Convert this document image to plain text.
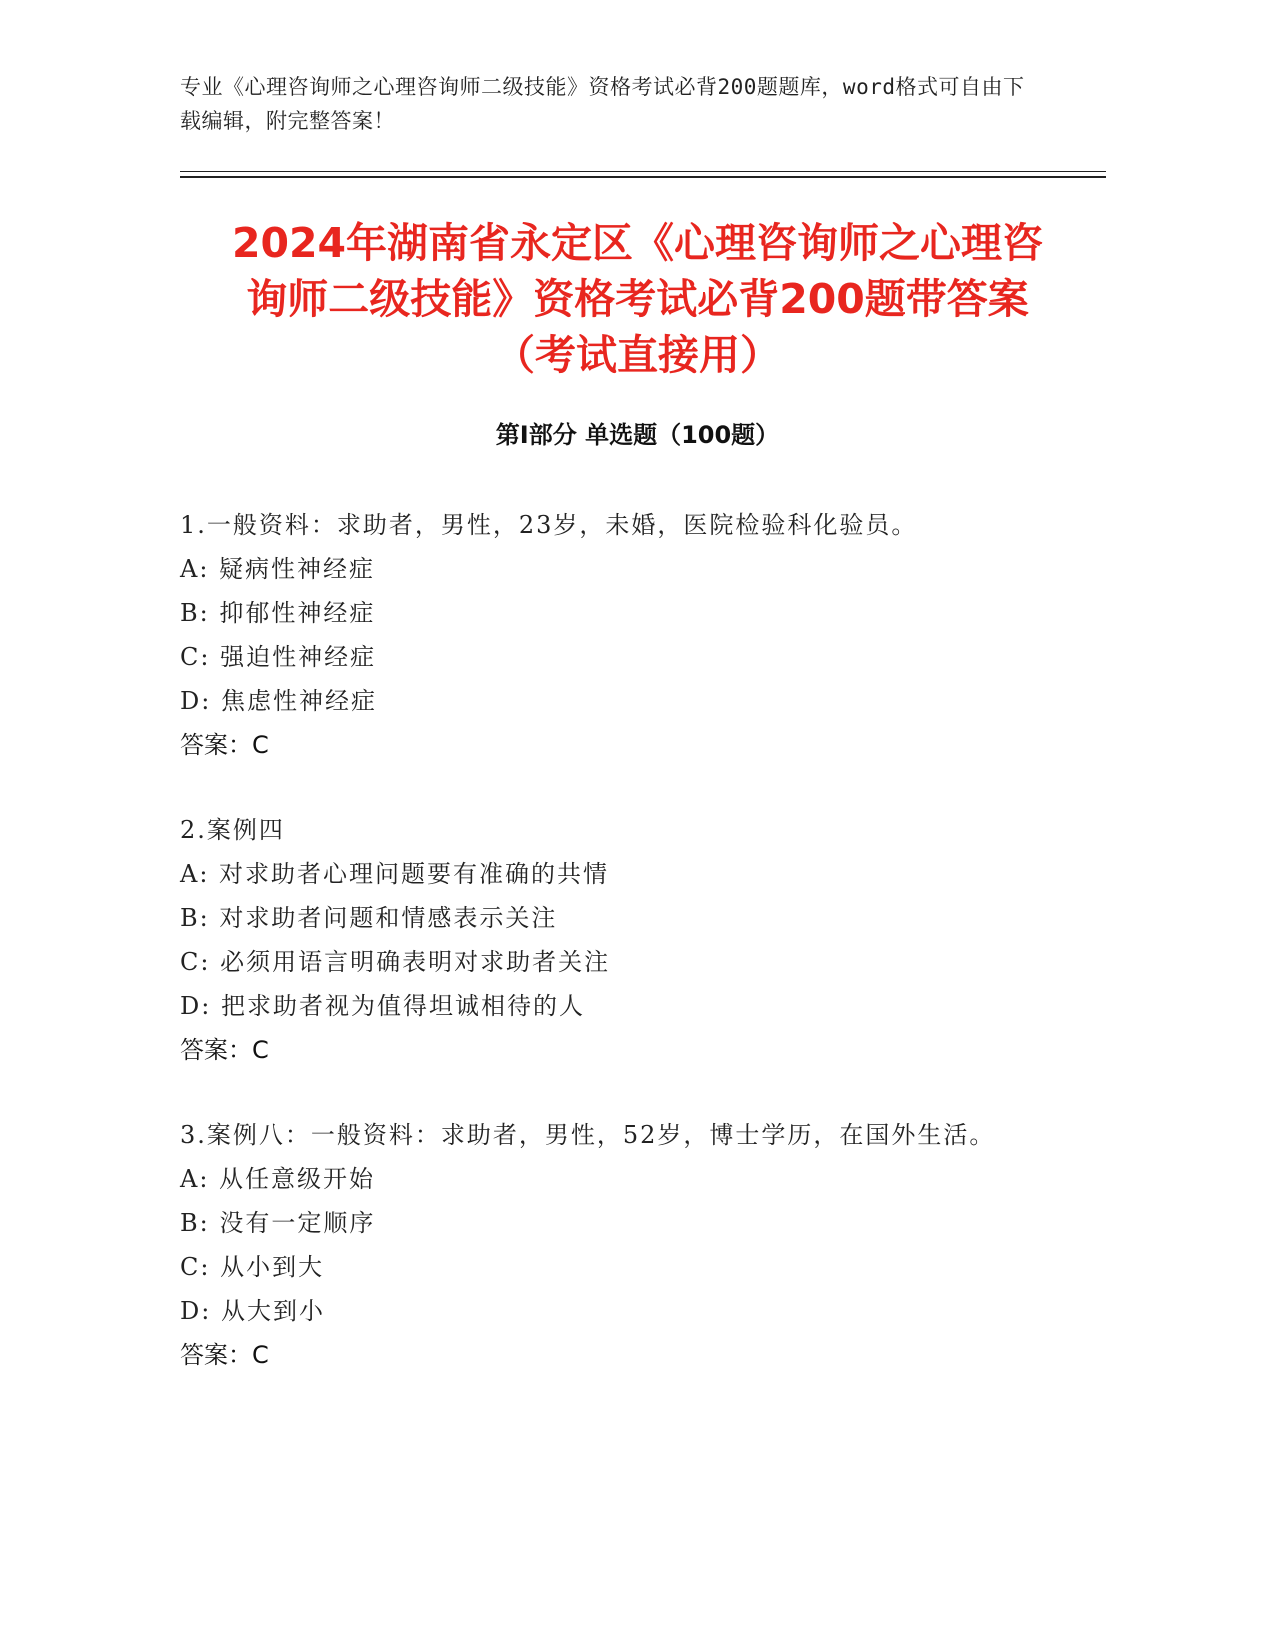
专业《心理咨询师之心理咨询师二级技能》资格考试必背200题题库，word格式可自由下载编辑，附完整答案！
2024年湖南省永定区《心理咨询师之心理咨
询师二级技能》资格考试必背200题带答案
（考试直接用）
第Ⅰ部分 单选题（100题）
1.一般资料：求助者，男性，23岁，未婚，医院检验科化验员。
A: 疑病性神经症
B: 抑郁性神经症
C: 强迫性神经症
D: 焦虑性神经症
答案：C
2.案例四
A: 对求助者心理问题要有准确的共情
B: 对求助者问题和情感表示关注
C: 必须用语言明确表明对求助者关注
D: 把求助者视为值得坦诚相待的人
答案：C
3.案例八：一般资料：求助者，男性，52岁，博士学历，在国外生活。
A: 从任意级开始
B: 没有一定顺序
C: 从小到大
D: 从大到小
答案：C
